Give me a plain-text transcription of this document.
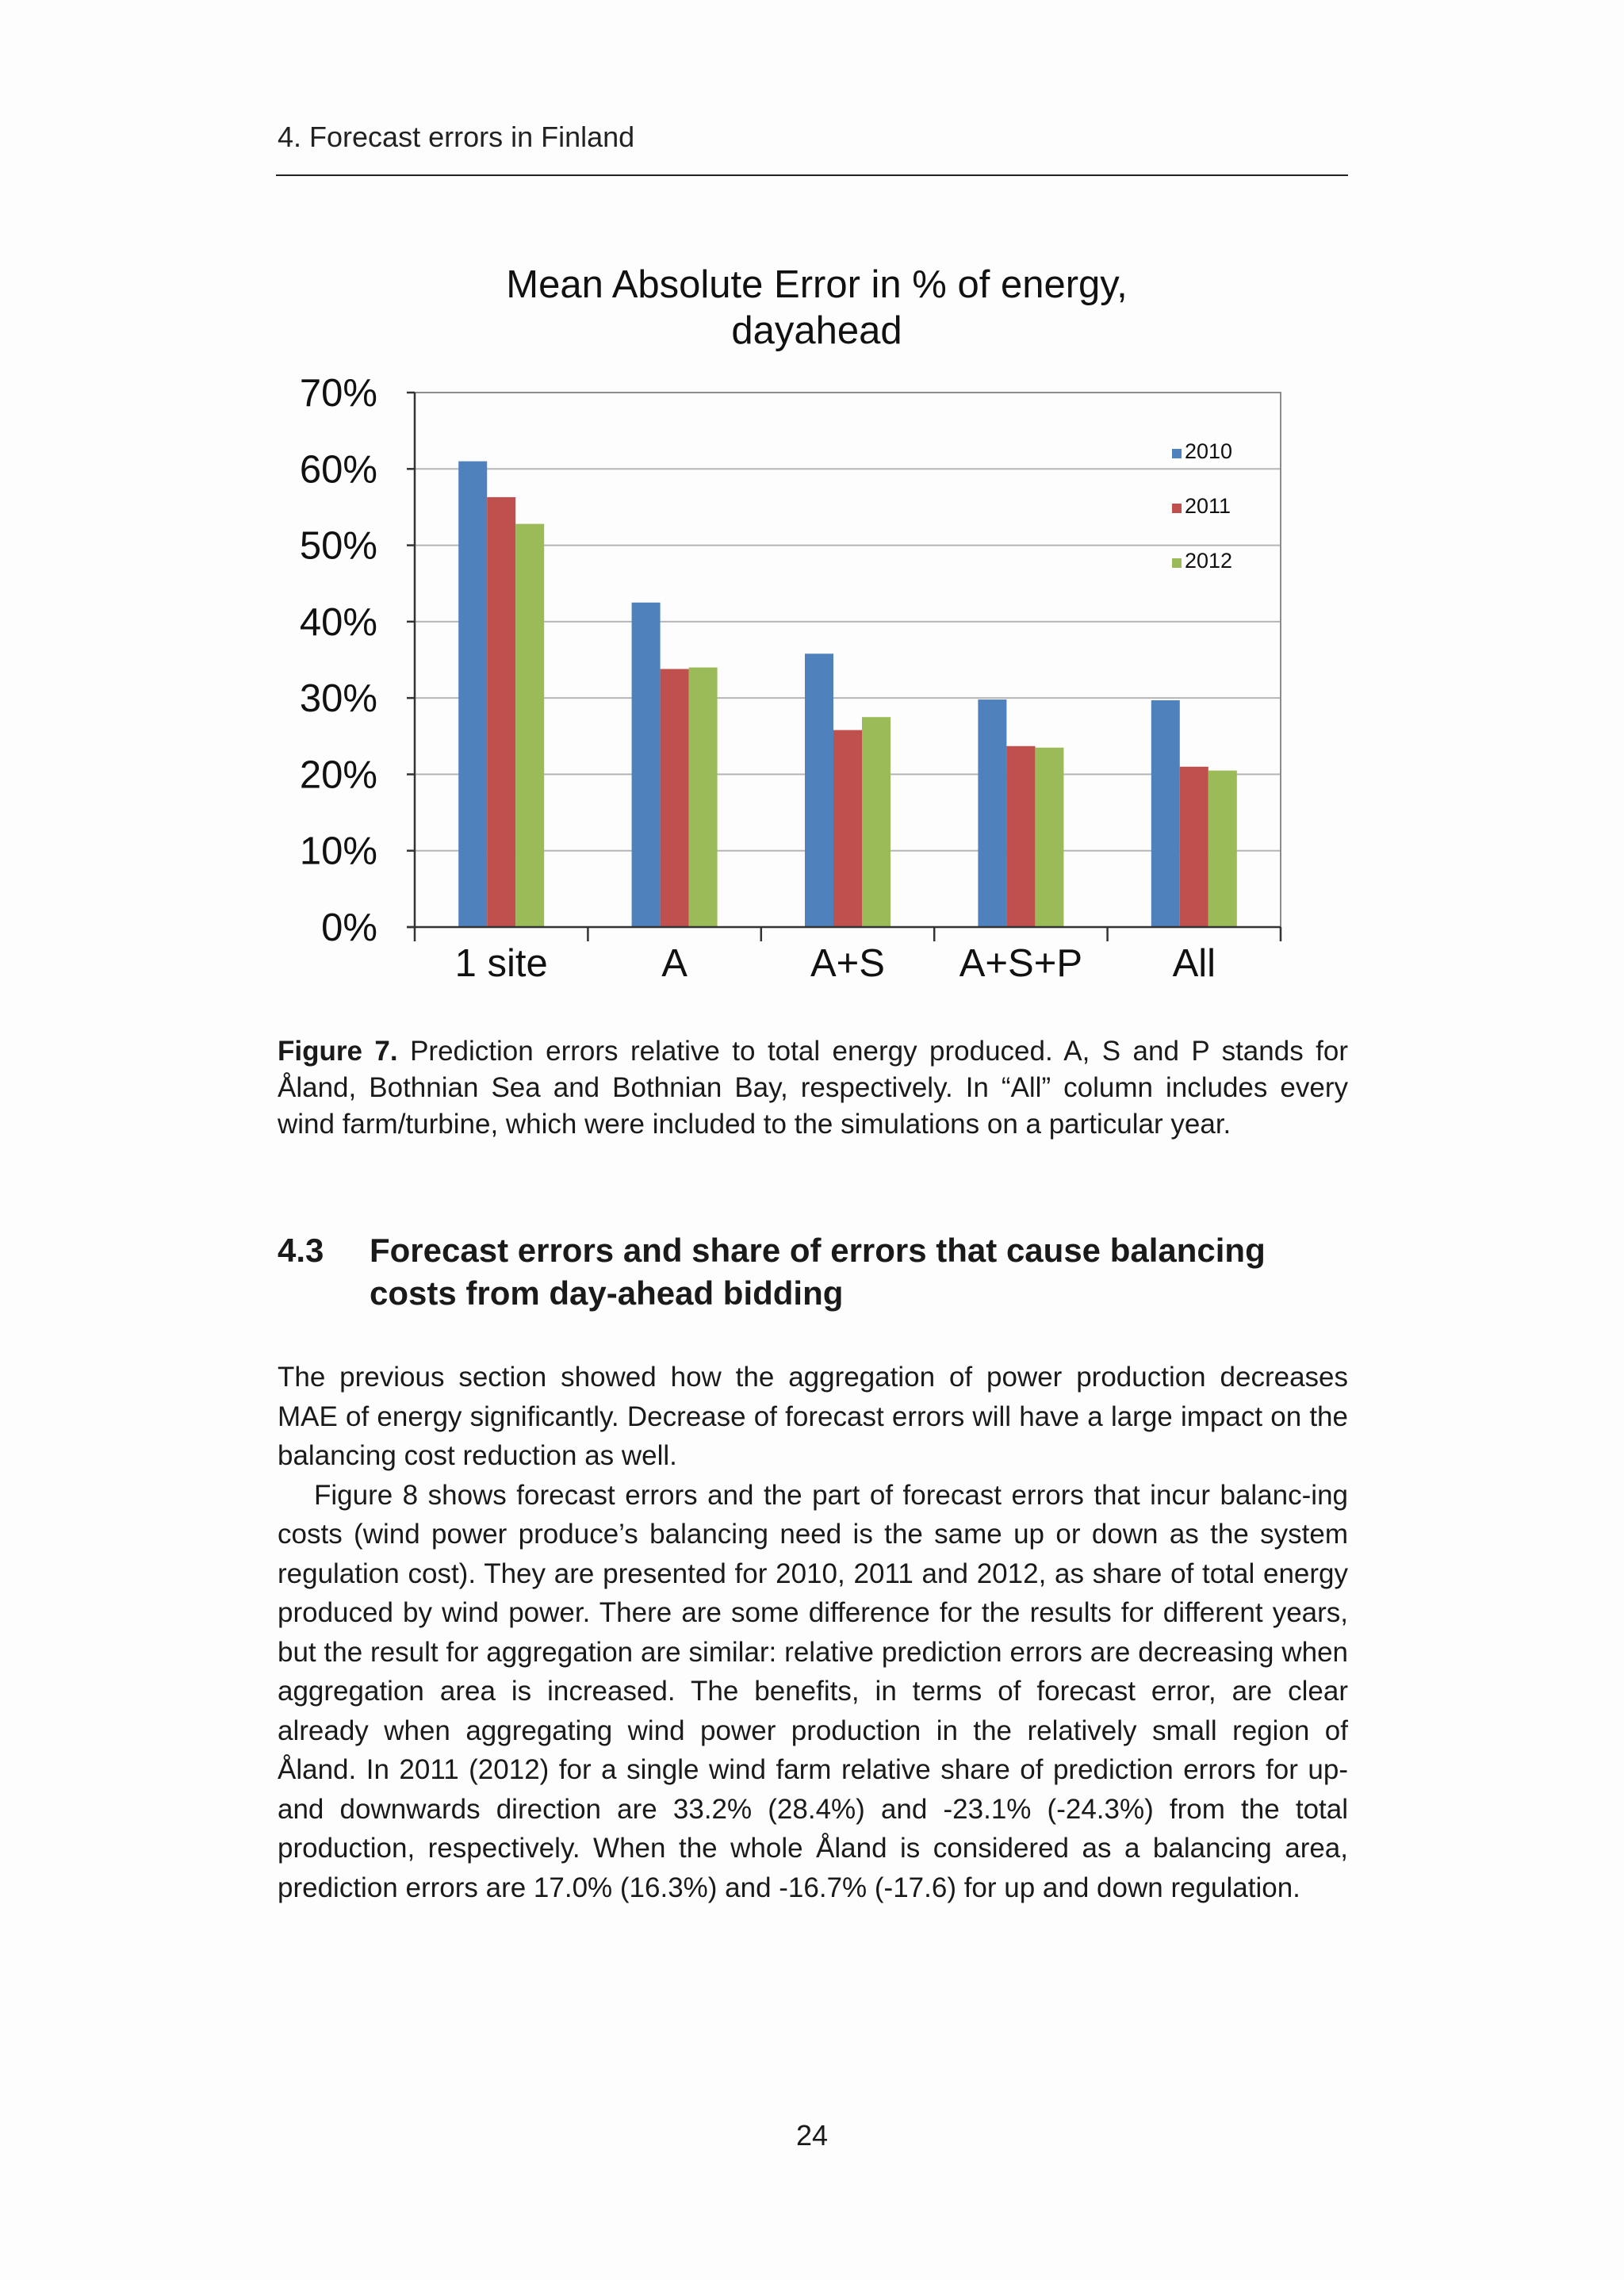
4. Forecast errors in Finland
Mean Absolute Error in % of energy,
dayahead
0%
10%
20%
30%
40%
50%
60%
70%
1 site	A	A+S A+S+P All
2010
2011
2012
Figure 7. Prediction errors relative to total energy produced. A, S and P stands for Åland, Bothnian Sea and Bothnian Bay, respectively. In “All” column includes every wind farm/turbine, which were included to the simulations on a particular year.
4.3	Forecast errors and share of errors that cause balancing costs from day-ahead bidding

The previous section showed how the aggregation of power production decreases MAE of energy significantly. Decrease of forecast errors will have a large impact on the balancing cost reduction as well.

Figure 8 shows forecast errors and the part of forecast errors that incur balanc-ing costs (wind power produce’s balancing need is the same up or down as the system regulation cost). They are presented for 2010, 2011 and 2012, as share of total energy produced by wind power. There are some difference for the results for different years, but the result for aggregation are similar: relative prediction errors are decreasing when aggregation area is increased. The benefits, in terms of forecast error, are clear already when aggregating wind power production in the relatively small region of Åland. In 2011 (2012) for a single wind farm relative share of prediction errors for up- and downwards direction are 33.2% (28.4%) and -23.1% (-24.3%) from the total production, respectively. When the whole Åland is considered as a balancing area, prediction errors are 17.0% (16.3%) and -16.7% (-17.6) for up and down regulation.

24
